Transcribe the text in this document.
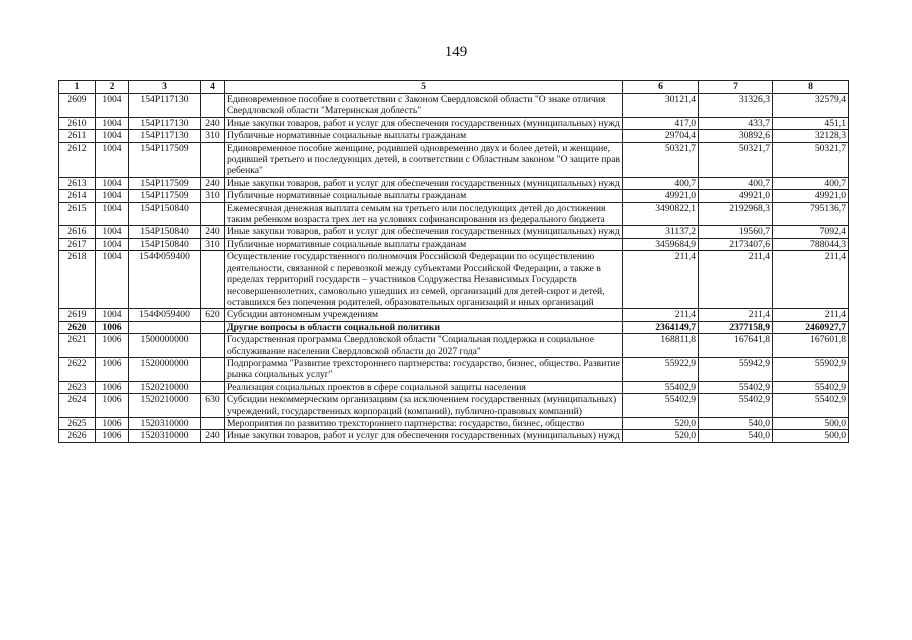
149
1	2	3	4	5	6	7	8
2609	1004	154P117130		Единовременное пособие в соответствии с Законом Свердловской области "О знаке отличия Свердловской области "Материнская доблесть"	30121,4	31326,3	32579,4
2610	1004	154P117130	240	Иные закупки товаров, работ и услуг для обеспечения государственных (муниципальных) нужд	417,0	433,7	451,1
2611	1004	154P117130	310	Публичные нормативные социальные выплаты гражданам	29704,4	30892,6	32128,3
2612	1004	154P117509		Единовременное пособие женщине, родившей одновременно двух и более детей, и женщине, родившей третьего и последующих детей, в соответствии с Областным законом "О защите прав ребенка"	50321,7	50321,7	50321,7
2613	1004	154P117509	240	Иные закупки товаров, работ и услуг для обеспечения государственных (муниципальных) нужд	400,7	400,7	400,7
2614	1004	154P117509	310	Публичные нормативные социальные выплаты гражданам	49921,0	49921,0	49921,0
2615	1004	154P150840		Ежемесячная денежная выплата семьям на третьего или последующих детей до достижения таким ребенком возраста трех лет на условиях софинансирования из федерального бюджета	3490822,1	2192968,3	795136,7
2616	1004	154P150840	240	Иные закупки товаров, работ и услуг для обеспечения государственных (муниципальных) нужд	31137,2	19560,7	7092,4
2617	1004	154P150840	310	Публичные нормативные социальные выплаты гражданам	3459684,9	2173407,6	788044,3
2618	1004	154Ф059400		Осуществление государственного полномочия Российской Федерации по осуществлению деятельности, связанной с перевозкой между субъектами Российской Федерации, а также в пределах территорий государств – участников Содружества Независимых Государств несовершеннолетних, самовольно ушедших из семей, организаций для детей-сирот и детей, оставшихся без попечения родителей, образовательных организаций и иных организаций	211,4	211,4	211,4
2619	1004	154Ф059400	620	Субсидии автономным учреждениям	211,4	211,4	211,4
2620	1006			Другие вопросы в области социальной политики	2364149,7	2377158,9	2460927,7
2621	1006	1500000000		Государственная программа Свердловской области "Социальная поддержка и социальное обслуживание населения Свердловской области до 2027 года"	168811,8	167641,8	167601,8
2622	1006	1520000000		Подпрограмма "Развитие трехстороннего партнерства: государство, бизнес, общество. Развитие рынка социальных услуг"	55922,9	55942,9	55902,9
2623	1006	1520210000		Реализация социальных проектов в сфере социальной защиты населения	55402,9	55402,9	55402,9
2624	1006	1520210000	630	Субсидии некоммерческим организациям (за исключением государственных (муниципальных) учреждений, государственных корпораций (компаний), публично-правовых компаний)	55402,9	55402,9	55402,9
2625	1006	1520310000		Мероприятия по развитию трехстороннего партнерства: государство, бизнес, общество	520,0	540,0	500,0
2626	1006	1520310000	240	Иные закупки товаров, работ и услуг для обеспечения государственных (муниципальных) нужд	520,0	540,0	500,0
